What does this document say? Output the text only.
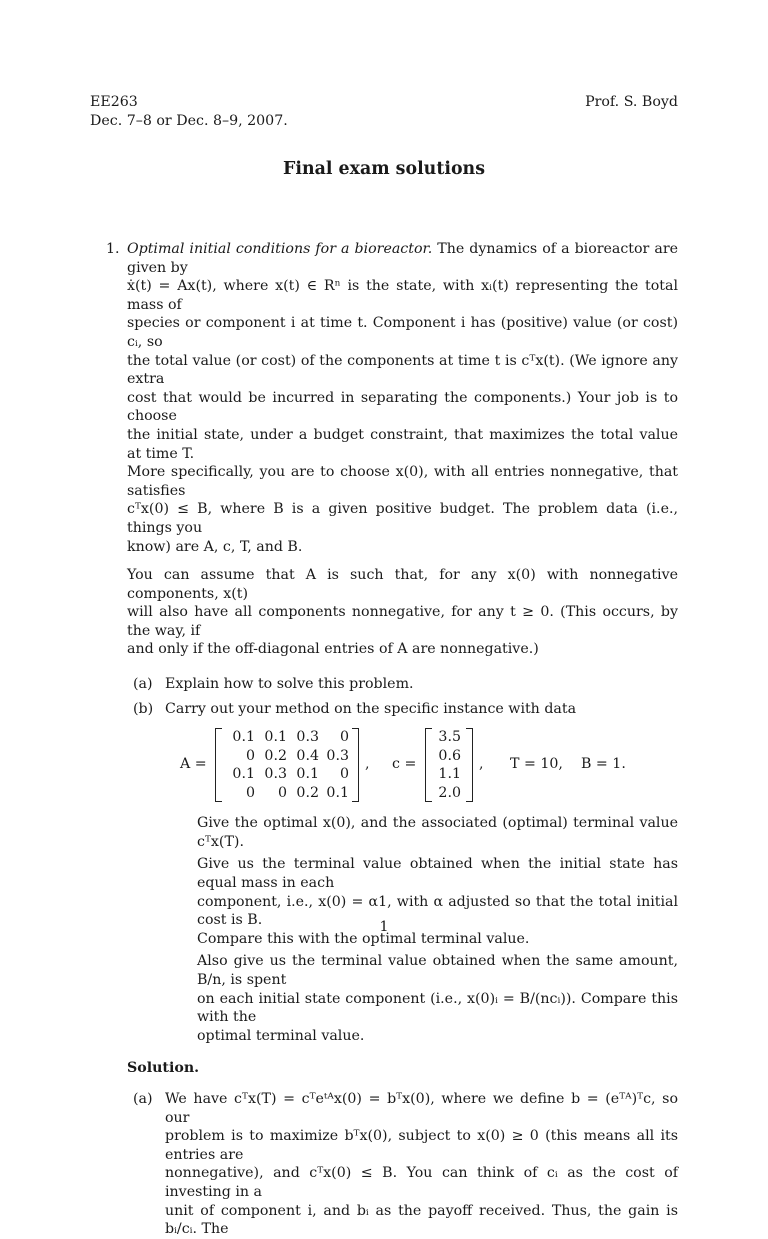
EE263
Dec. 7–8 or Dec. 8–9, 2007.
Prof. S. Boyd
Final exam solutions
1. Optimal initial conditions for a bioreactor. The dynamics of a bioreactor are given by

ẋ(t) = Ax(t), where x(t) ∈ Rⁿ is the state, with xᵢ(t) representing the total mass of

species or component i at time t. Component i has (positive) value (or cost) cᵢ, so

the total value (or cost) of the components at time t is cᵀx(t). (We ignore any extra

cost that would be incurred in separating the components.) Your job is to choose

the initial state, under a budget constraint, that maximizes the total value at time T.

More specifically, you are to choose x(0), with all entries nonnegative, that satisfies

cᵀx(0) ≤ B, where B is a given positive budget. The problem data (i.e., things you

know) are A, c, T, and B.

You can assume that A is such that, for any x(0) with nonnegative components, x(t)

will also have all components nonnegative, for any t ≥ 0. (This occurs, by the way, if

and only if the off-diagonal entries of A are nonnegative.)

(a) Explain how to solve this problem.
(b) Carry out your method on the specific instance with data
A =
0.1 0.1 0.3 0
0 0.2 0.4 0.3
0.1 0.3 0.1 0
0 0 0.2 0.1
, c =
3.5
0.6
1.1
2.0
, T = 10,    B = 1.

Give the optimal x(0), and the associated (optimal) terminal value cᵀx(T).

Give us the terminal value obtained when the initial state has equal mass in each

component, i.e., x(0) = α1, with α adjusted so that the total initial cost is B.

Compare this with the optimal terminal value.

Also give us the terminal value obtained when the same amount, B/n, is spent

on each initial state component (i.e., x(0)ᵢ = B/(ncᵢ)). Compare this with the

optimal terminal value.

Solution.

(a) We have cᵀx(T) = cᵀeᵗᴬx(0) = bᵀx(0), where we define b = (eᵀᴬ)ᵀc, so our

problem is to maximize bᵀx(0), subject to x(0) ≥ 0 (this means all its entries are

nonnegative), and cᵀx(0) ≤ B. You can think of cᵢ as the cost of investing in a

unit of component i, and bᵢ as the payoff received. Thus, the gain is bᵢ/cᵢ. The

1
